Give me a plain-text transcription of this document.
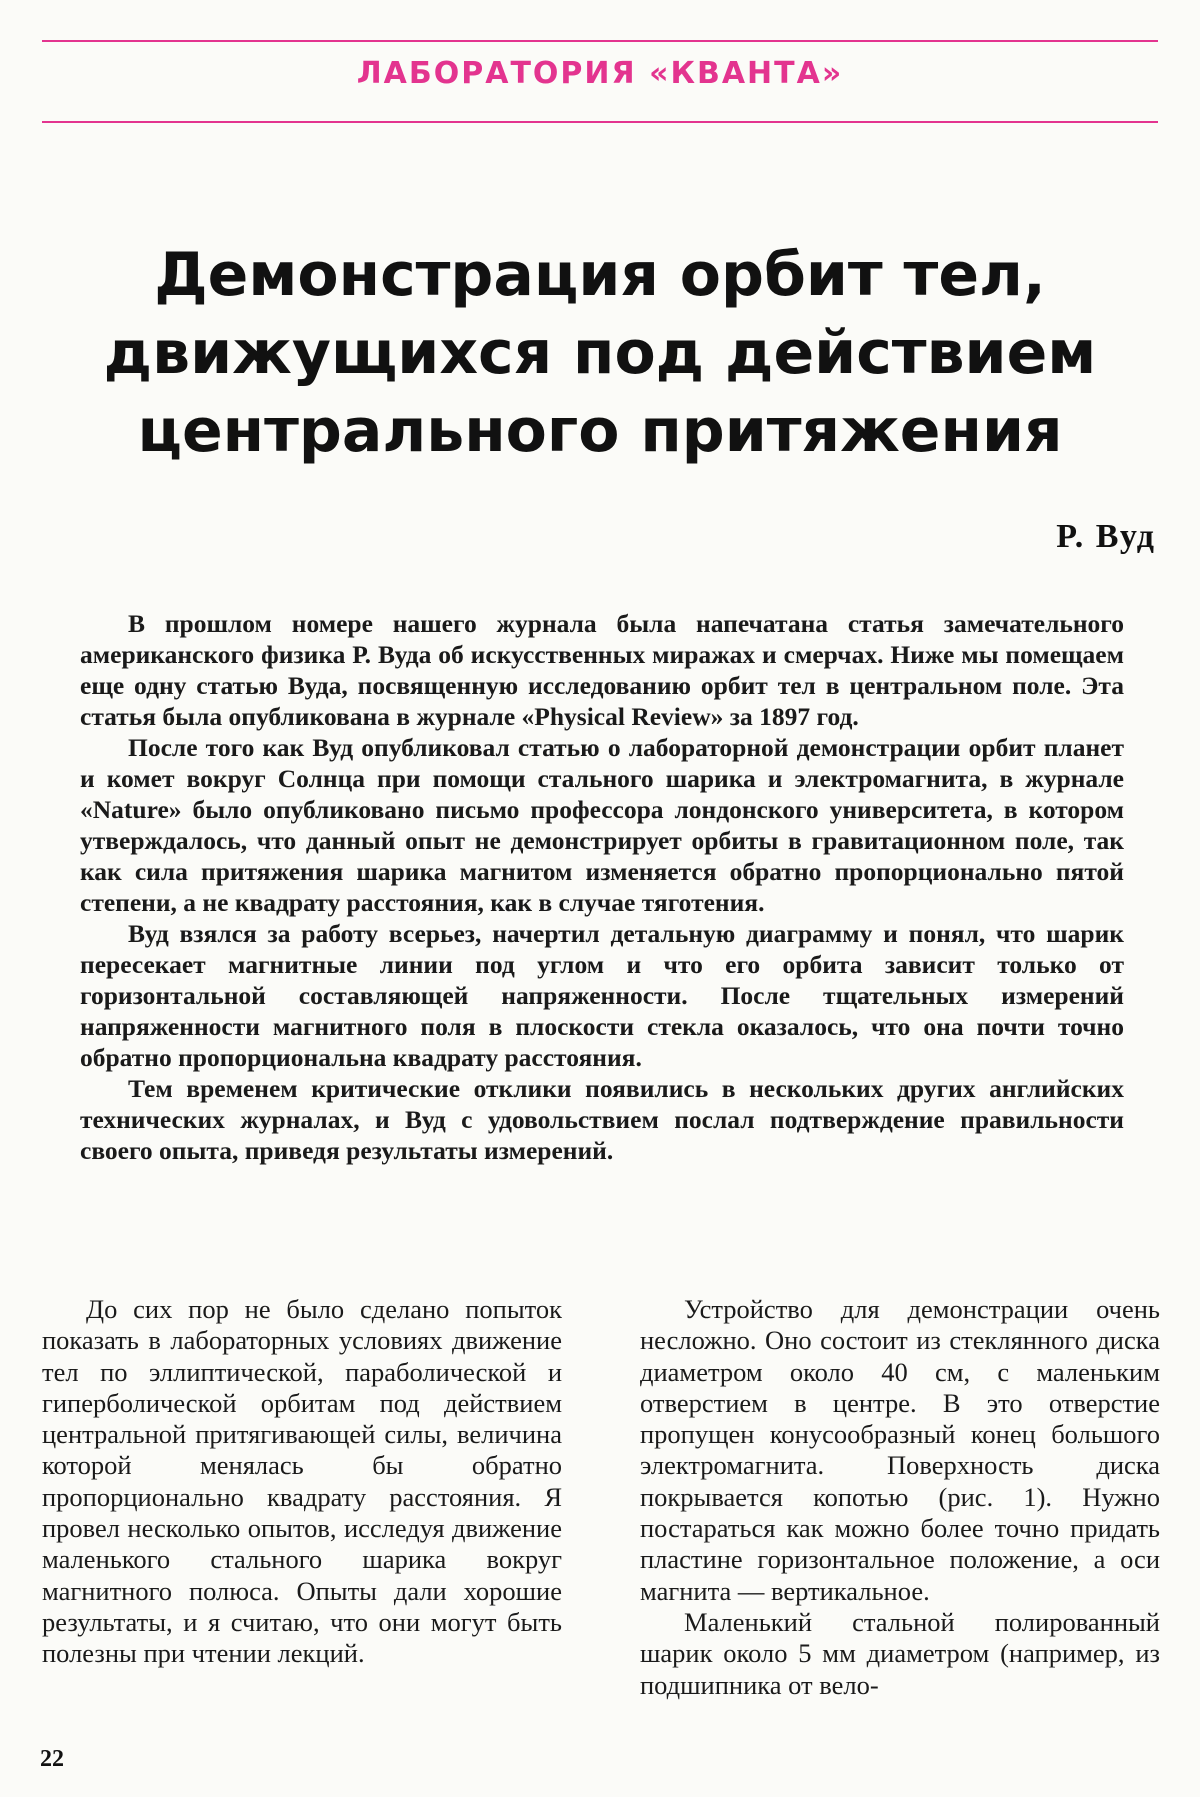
ЛАБОРАТОРИЯ «КВАНТА»
Демонстрация орбит тел,
движущихся под действием
центрального притяжения
Р. Вуд

В прошлом номере нашего журнала была напечатана статья замечательного американского физика Р. Вуда об искусственных миражах и смерчах. Ниже мы помещаем еще одну статью Вуда, посвященную исследованию орбит тел в центральном поле. Эта статья была опубликована в журнале «Physical Review» за 1897 год.

После того как Вуд опубликовал статью о лабораторной демонстрации орбит планет и комет вокруг Солнца при помощи стального шарика и электромагнита, в журнале «Nature» было опубликовано письмо профессора лондонского университета, в котором утверждалось, что данный опыт не демонстрирует орбиты в гравитационном поле, так как сила притяжения шарика магнитом изменяется обратно пропорционально пятой степени, а не квадрату расстояния, как в случае тяготения.

Вуд взялся за работу всерьез, начертил детальную диаграмму и понял, что шарик пересекает магнитные линии под углом и что его орбита зависит только от горизонтальной составляющей напряженности. После тщательных измерений напряженности магнитного поля в плоскости стекла оказалось, что она почти точно обратно пропорциональна квадрату расстояния.

Тем временем критические отклики появились в нескольких других английских технических журналах, и Вуд с удовольствием послал подтверждение правильности своего опыта, приведя результаты измерений.

До сих пор не было сделано попыток показать в лабораторных условиях движение тел по эллиптической, параболической и гиперболической орбитам под действием центральной притягивающей силы, величина которой менялась бы обратно пропорционально квадрату расстояния. Я провел несколько опытов, исследуя движение маленького стального шарика вокруг магнитного полюса. Опыты дали хорошие результаты, и я считаю, что они могут быть полезны при чтении лекций.

Устройство для демонстрации очень несложно. Оно состоит из стеклянного диска диаметром около 40 см, с маленьким отверстием в центре. В это отверстие пропущен конусообразный конец большого электромагнита. Поверхность диска покрывается копотью (рис. 1). Нужно постараться как можно более точно придать пластине горизонтальное положение, а оси магнита — вертикальное.

Маленький стальной полированный шарик около 5 мм диаметром (например, из подшипника от вело-

22
